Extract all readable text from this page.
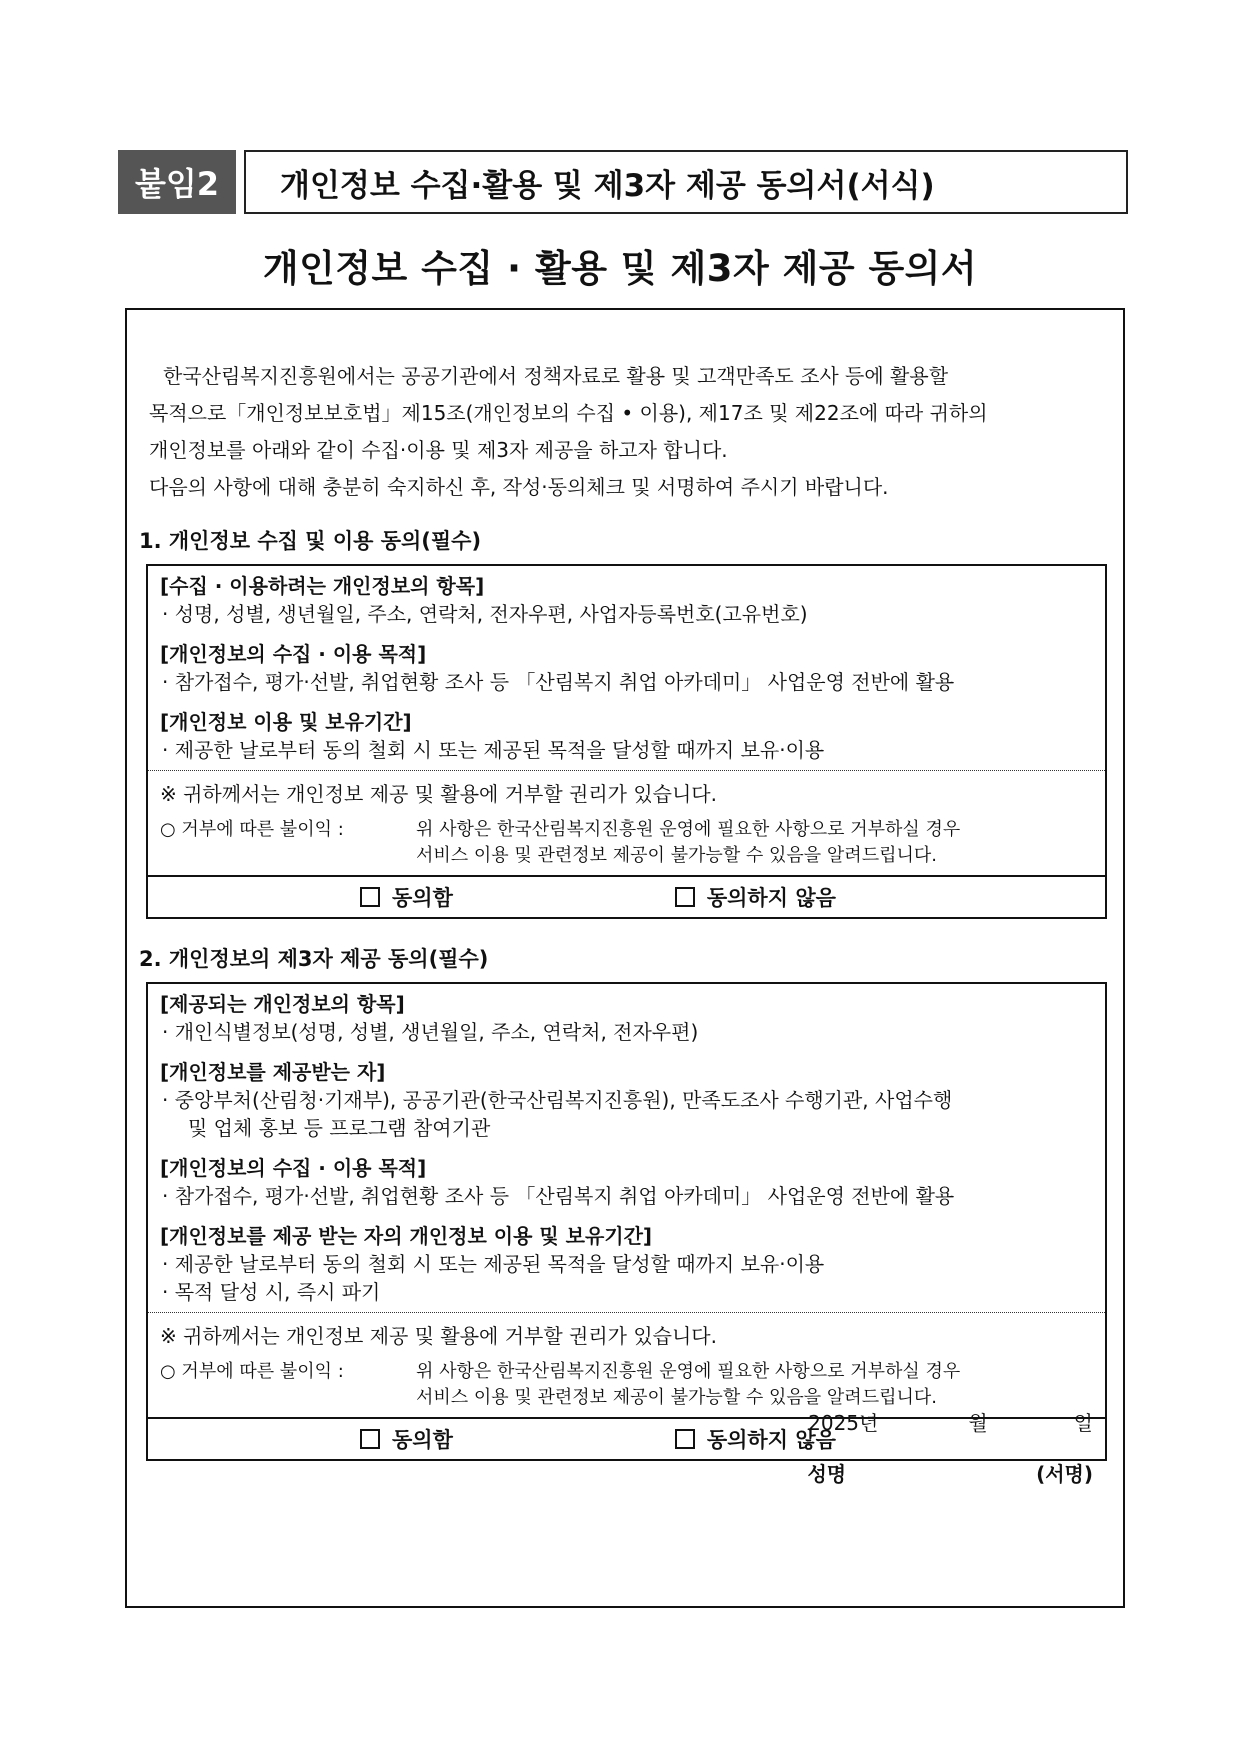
붙임2	개인정보 수집·활용 및 제3자 제공 동의서(서식)
개인정보 수집 · 활용 및 제3자 제공 동의서

한국산림복지진흥원에서는 공공기관에서 정책자료로 활용 및 고객만족도 조사 등에 활용할

목적으로「개인정보보호법」제15조(개인정보의 수집 • 이용), 제17조 및 제22조에 따라 귀하의

개인정보를 아래와 같이 수집·이용 및 제3자 제공을 하고자 합니다.

다음의 사항에 대해 충분히 숙지하신 후, 작성·동의체크 및 서명하여 주시기 바랍니다.

1. 개인정보 수집 및 이용 동의(필수)
[수집 · 이용하려는 개인정보의 항목]
· 성명, 성별, 생년월일, 주소, 연락처, 전자우편, 사업자등록번호(고유번호)
[개인정보의 수집 · 이용 목적]
· 참가접수, 평가·선발, 취업현황 조사 등 「산림복지 취업 아카데미」 사업운영 전반에 활용
[개인정보 이용 및 보유기간]
· 제공한 날로부터 동의 철회 시 또는 제공된 목적을 달성할 때까지 보유·이용
※ 귀하께서는 개인정보 제공 및 활용에 거부할 권리가 있습니다.
○ 거부에 따른 불이익 :	위 사항은 한국산림복지진흥원 운영에 필요한 사항으로 거부하실 경우
서비스 이용 및 관련정보 제공이 불가능할 수 있음을 알려드립니다.
동의함	동의하지 않음
2. 개인정보의 제3자 제공 동의(필수)
[제공되는 개인정보의 항목]
· 개인식별정보(성명, 성별, 생년월일, 주소, 연락처, 전자우편)
[개인정보를 제공받는 자]
· 중앙부처(산림청·기재부), 공공기관(한국산림복지진흥원), 만족도조사 수행기관, 사업수행
및 업체 홍보 등 프로그램 참여기관
[개인정보의 수집 · 이용 목적]
· 참가접수, 평가·선발, 취업현황 조사 등 「산림복지 취업 아카데미」 사업운영 전반에 활용
[개인정보를 제공 받는 자의 개인정보 이용 및 보유기간]
· 제공한 날로부터 동의 철회 시 또는 제공된 목적을 달성할 때까지 보유·이용
· 목적 달성 시, 즉시 파기
※ 귀하께서는 개인정보 제공 및 활용에 거부할 권리가 있습니다.
○ 거부에 따른 불이익 :	위 사항은 한국산림복지진흥원 운영에 필요한 사항으로 거부하실 경우
서비스 이용 및 관련정보 제공이 불가능할 수 있음을 알려드립니다.
동의함	동의하지 않음
2025년	월	일
성명	(서명)
